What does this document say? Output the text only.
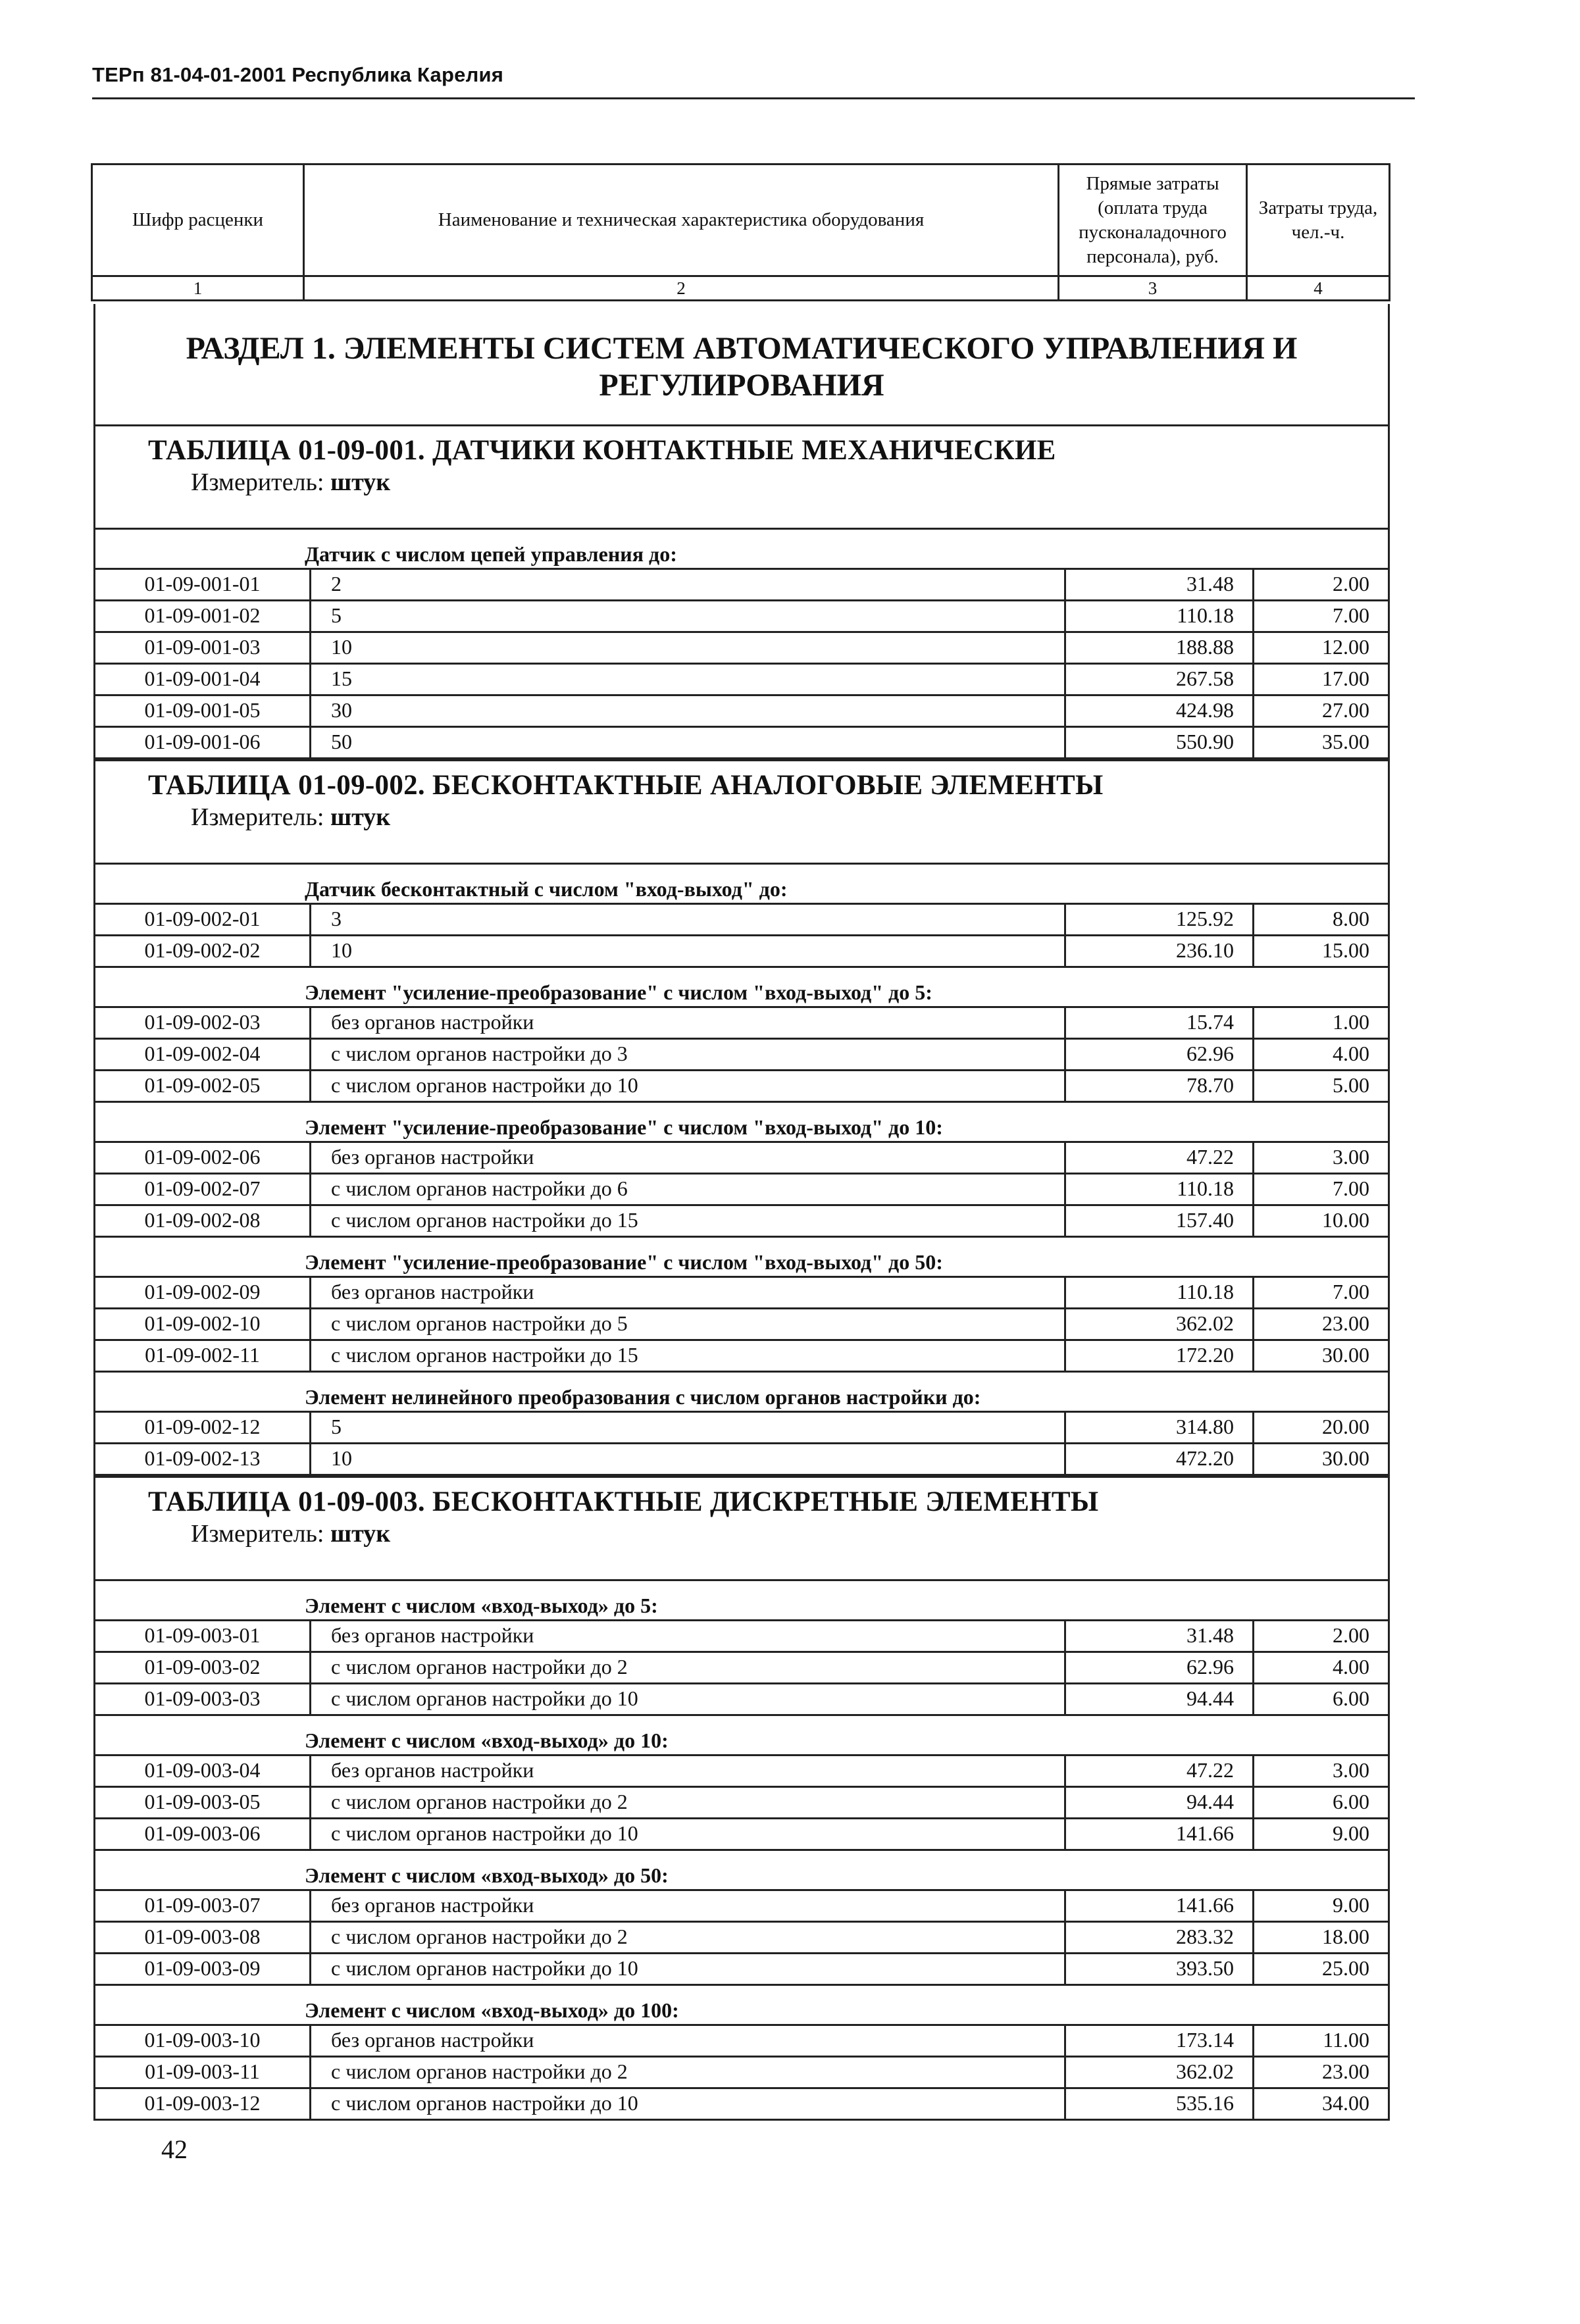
ТЕРп 81-04-01-2001 Республика Карелия
Шифр расценки	Наименование и техническая характеристика оборудования	Прямые затраты (оплата труда пусконаладочного персонала), руб.	Затраты труда, чел.-ч.
1	2	3	4
РАЗДЕЛ 1. ЭЛЕМЕНТЫ СИСТЕМ АВТОМАТИЧЕСКОГО УПРАВЛЕНИЯ И
РЕГУЛИРОВАНИЯ
ТАБЛИЦА 01-09-001. ДАТЧИКИ КОНТАКТНЫЕ МЕХАНИЧЕСКИЕ
Измеритель: штук
Датчик с числом цепей управления до:
01-09-001-01	2	31.48	2.00
01-09-001-02	5	110.18	7.00
01-09-001-03	10	188.88	12.00
01-09-001-04	15	267.58	17.00
01-09-001-05	30	424.98	27.00
01-09-001-06	50	550.90	35.00
ТАБЛИЦА 01-09-002. БЕСКОНТАКТНЫЕ АНАЛОГОВЫЕ ЭЛЕМЕНТЫ
Измеритель: штук
Датчик бесконтактный с числом "вход-выход" до:
01-09-002-01	3	125.92	8.00
01-09-002-02	10	236.10	15.00
Элемент "усиление-преобразование" с числом "вход-выход" до 5:
01-09-002-03	без органов настройки	15.74	1.00
01-09-002-04	с числом органов настройки до 3	62.96	4.00
01-09-002-05	с числом органов настройки до 10	78.70	5.00
Элемент "усиление-преобразование" с числом "вход-выход" до 10:
01-09-002-06	без органов настройки	47.22	3.00
01-09-002-07	с числом органов настройки до 6	110.18	7.00
01-09-002-08	с числом органов настройки до 15	157.40	10.00
Элемент "усиление-преобразование" с числом "вход-выход" до 50:
01-09-002-09	без органов настройки	110.18	7.00
01-09-002-10	с числом органов настройки до 5	362.02	23.00
01-09-002-11	с числом органов настройки до 15	172.20	30.00
Элемент нелинейного преобразования с числом органов настройки до:
01-09-002-12	5	314.80	20.00
01-09-002-13	10	472.20	30.00
ТАБЛИЦА 01-09-003. БЕСКОНТАКТНЫЕ ДИСКРЕТНЫЕ ЭЛЕМЕНТЫ
Измеритель: штук
Элемент с числом «вход-выход» до 5:
01-09-003-01	без органов настройки	31.48	2.00
01-09-003-02	с числом органов настройки до 2	62.96	4.00
01-09-003-03	с числом органов настройки до 10	94.44	6.00
Элемент с числом «вход-выход» до 10:
01-09-003-04	без органов настройки	47.22	3.00
01-09-003-05	с числом органов настройки до 2	94.44	6.00
01-09-003-06	с числом органов настройки до 10	141.66	9.00
Элемент с числом «вход-выход» до 50:
01-09-003-07	без органов настройки	141.66	9.00
01-09-003-08	с числом органов настройки до 2	283.32	18.00
01-09-003-09	с числом органов настройки до 10	393.50	25.00
Элемент с числом «вход-выход» до 100:
01-09-003-10	без органов настройки	173.14	11.00
01-09-003-11	с числом органов настройки до 2	362.02	23.00
01-09-003-12	с числом органов настройки до 10	535.16	34.00
42
